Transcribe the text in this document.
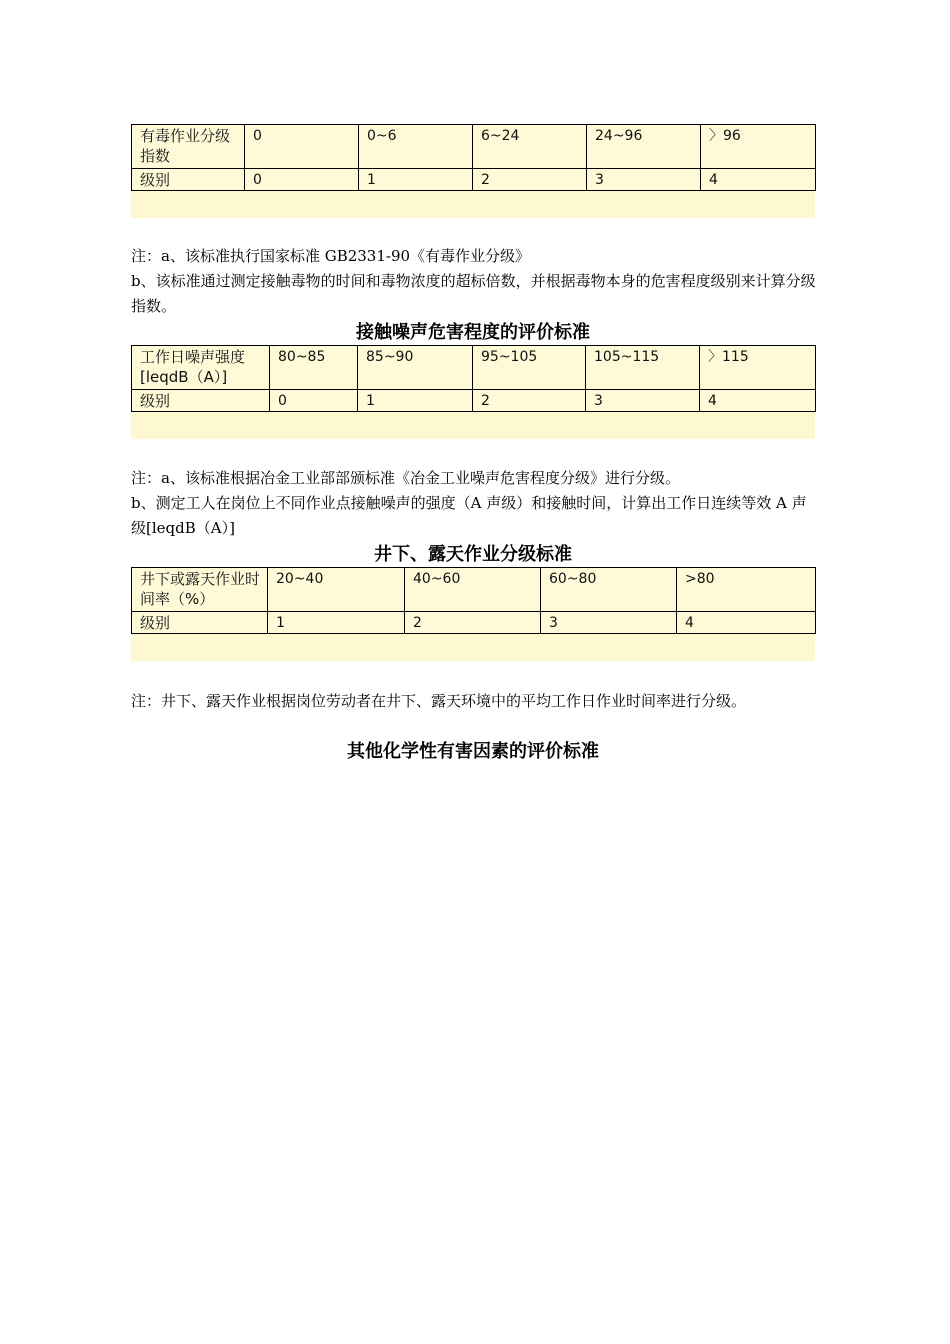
有毒作业分级指数	0	0~6	6~24	24~96	〉96
级别	0	1	2	3	4

注：a、该标准执行国家标准 GB2331-90《有毒作业分级》

b、该标准通过测定接触毒物的时间和毒物浓度的超标倍数，并根据毒物本身的危害程度级别来计算分级指数。

接触噪声危害程度的评价标准
工作日噪声强度[leqdB（A）]	80~85	85~90	95~105	105~115	〉115
级别	0	1	2	3	4

注：a、该标准根据冶金工业部部颁标准《冶金工业噪声危害程度分级》进行分级。

b、测定工人在岗位上不同作业点接触噪声的强度（A 声级）和接触时间，计算出工作日连续等效 A 声级[leqdB（A）]

井下、露天作业分级标准
井下或露天作业时间率（%）	20~40	40~60	60~80	>80
级别	1	2	3	4

注：井下、露天作业根据岗位劳动者在井下、露天环境中的平均工作日作业时间率进行分级。

其他化学性有害因素的评价标准
